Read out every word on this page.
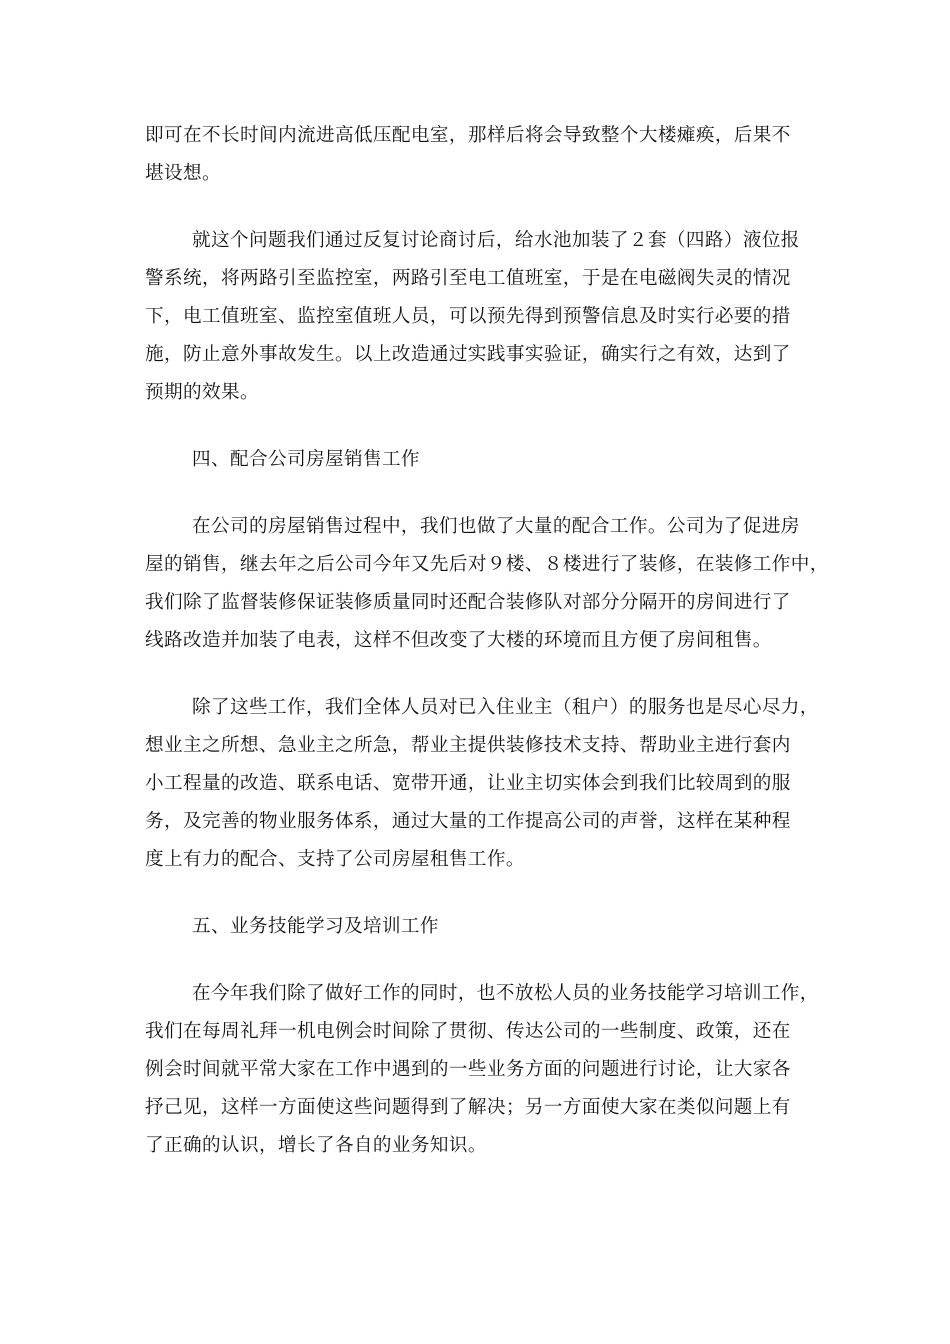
即可在不长时间内流进高低压配电室，那样后将会导致整个大楼瘫痪，后果不
堪设想。
就这个问题我们通过反复讨论商讨后，给水池加装了２套（四路）液位报
警系统，将两路引至监控室，两路引至电工值班室，于是在电磁阀失灵的情况
下，电工值班室、监控室值班人员，可以预先得到预警信息及时实行必要的措
施，防止意外事故发生。以上改造通过实践事实验证，确实行之有效，达到了
预期的效果。
四、配合公司房屋销售工作
在公司的房屋销售过程中，我们也做了大量的配合工作。公司为了促进房
屋的销售，继去年之后公司今年又先后对９楼、８楼进行了装修，在装修工作中，
我们除了监督装修保证装修质量同时还配合装修队对部分分隔开的房间进行了
线路改造并加装了电表，这样不但改变了大楼的环境而且方便了房间租售。
除了这些工作，我们全体人员对已入住业主（租户）的服务也是尽心尽力，
想业主之所想、急业主之所急，帮业主提供装修技术支持、帮助业主进行套内
小工程量的改造、联系电话、宽带开通，让业主切实体会到我们比较周到的服
务，及完善的物业服务体系，通过大量的工作提高公司的声誉，这样在某种程
度上有力的配合、支持了公司房屋租售工作。
五、业务技能学习及培训工作
在今年我们除了做好工作的同时，也不放松人员的业务技能学习培训工作，
我们在每周礼拜一机电例会时间除了贯彻、传达公司的一些制度、政策，还在
例会时间就平常大家在工作中遇到的一些业务方面的问题进行讨论，让大家各
抒己见，这样一方面使这些问题得到了解决；另一方面使大家在类似问题上有
了正确的认识，增长了各自的业务知识。
